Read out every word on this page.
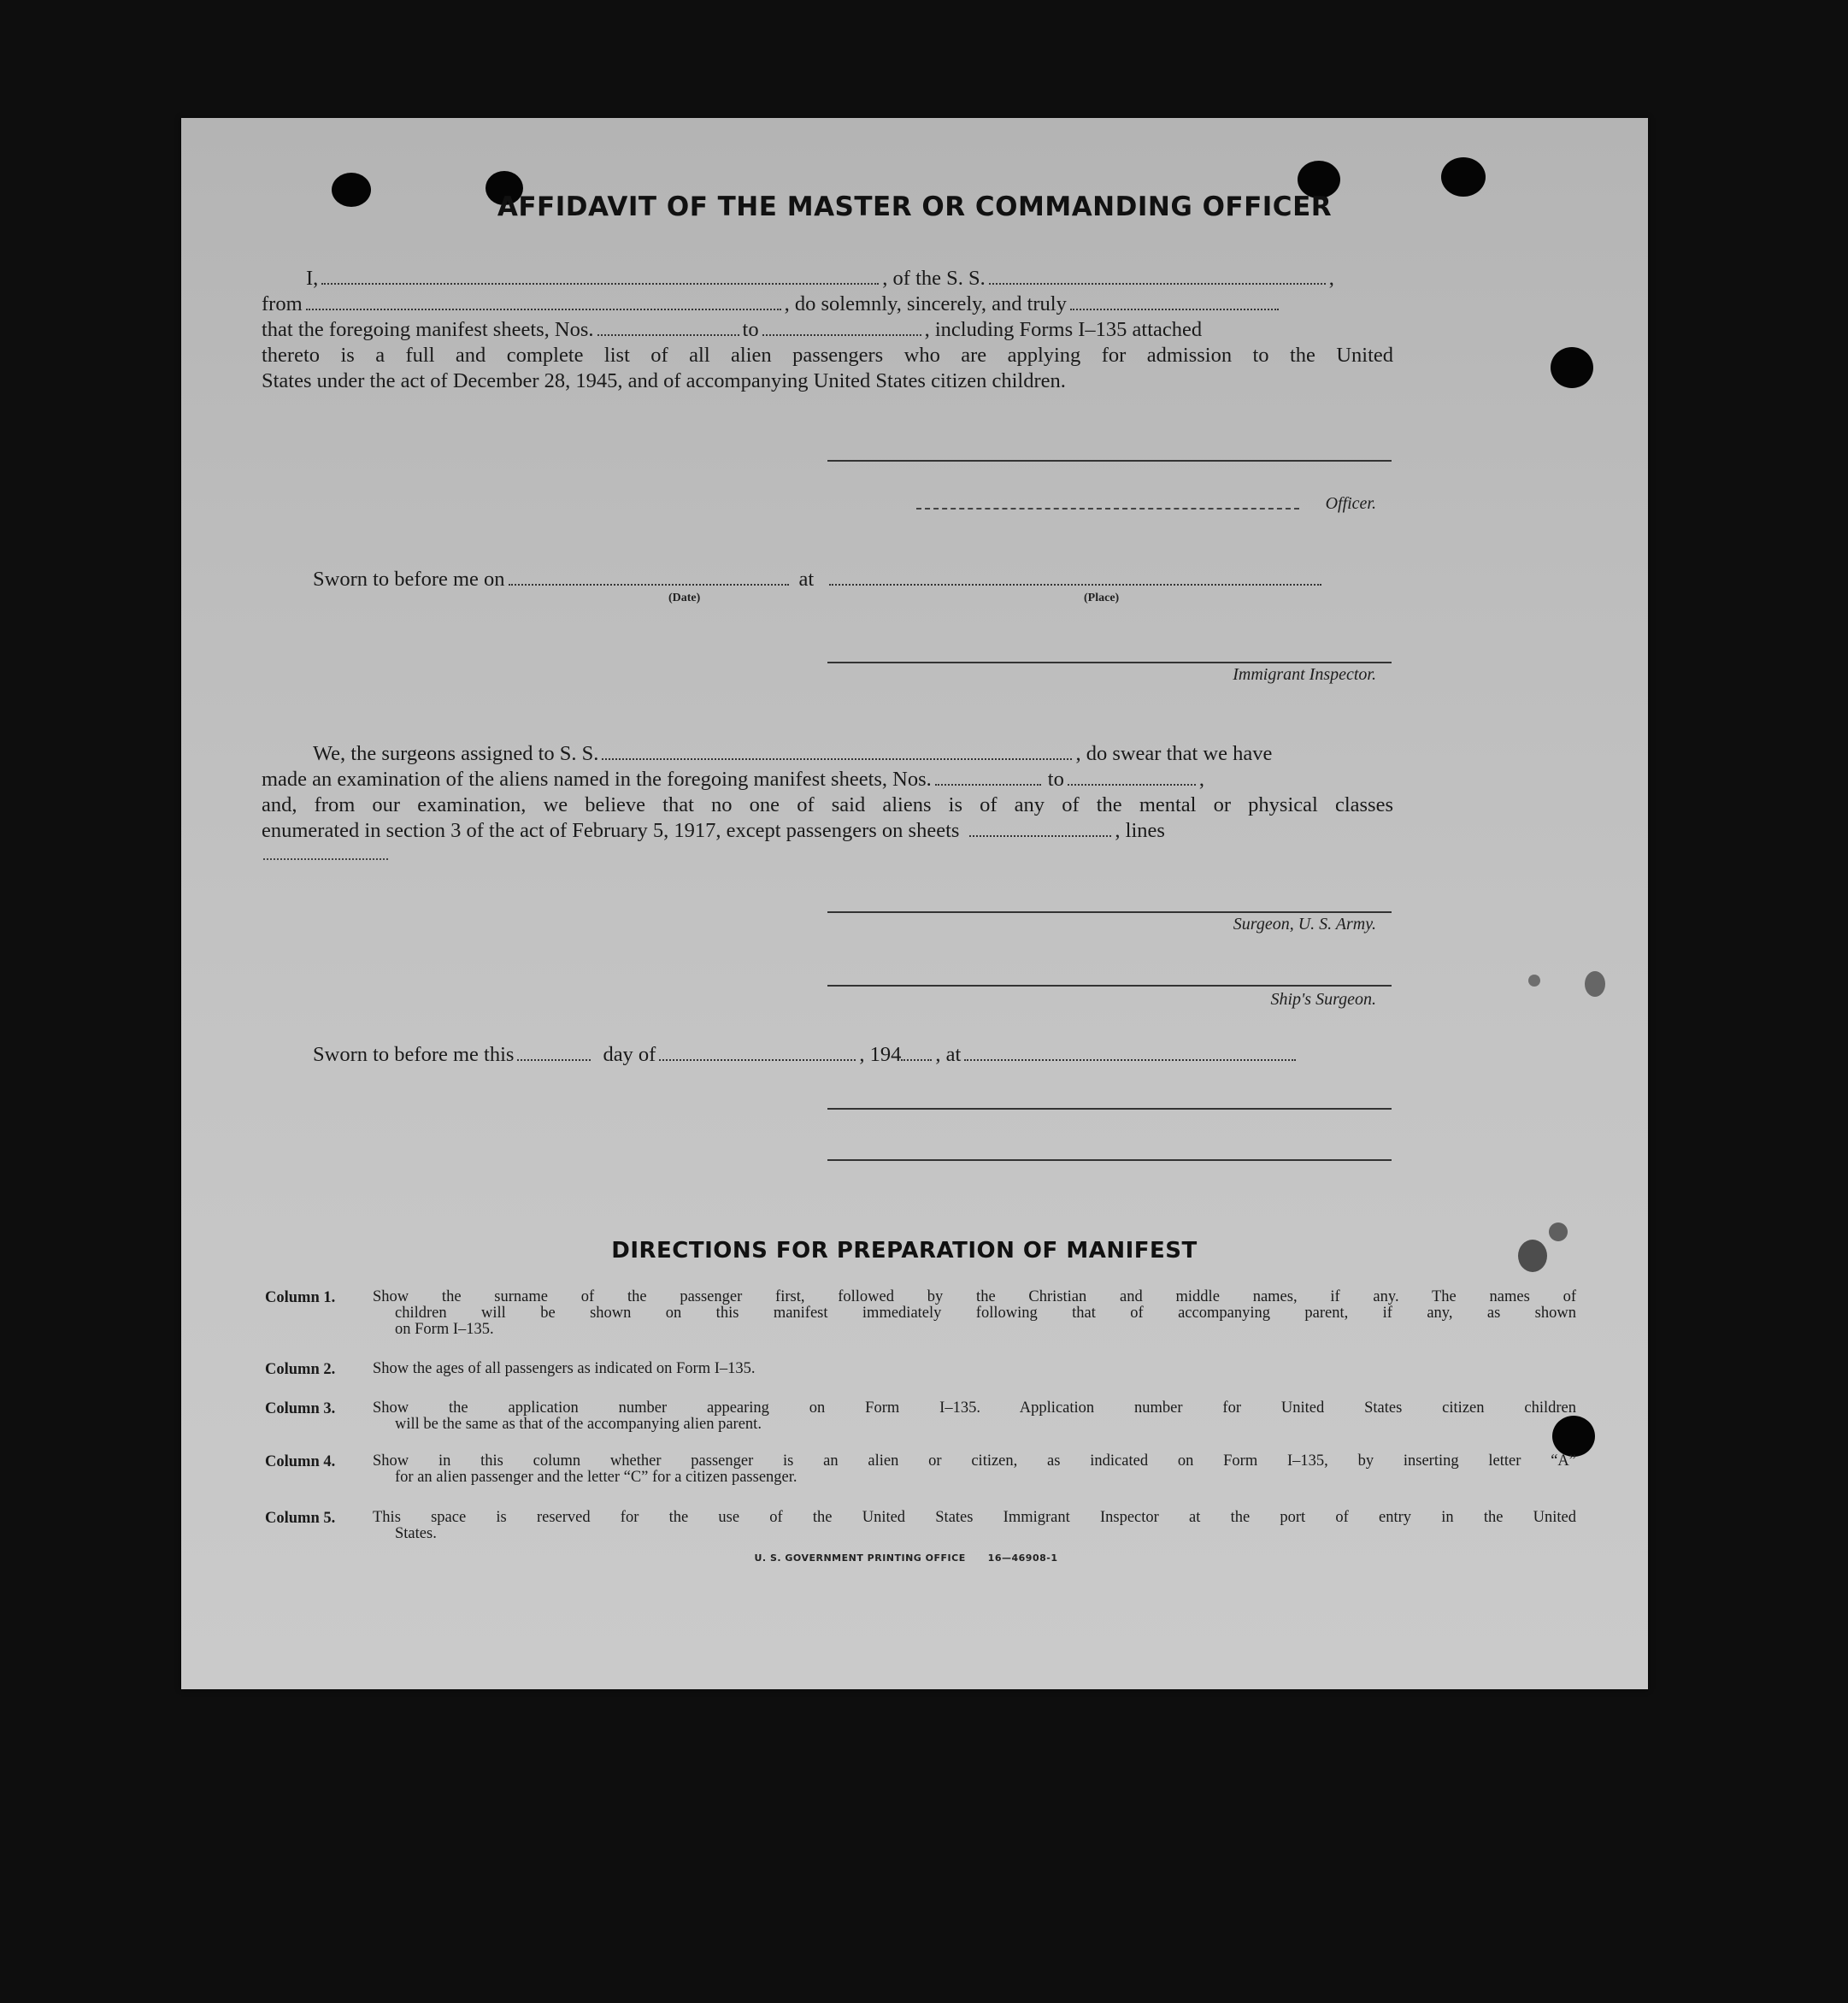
AFFIDAVIT OF THE MASTER OR COMMANDING OFFICER
I,	, of the S. S.	,
from	, do solemnly, sincerely, and truly
that the foregoing manifest sheets, Nos.	to	, including Forms I–135 attached
thereto is a full and complete list of all alien passengers who are applying for admission to the United
States under the act of December 28, 1945, and of accompanying United States citizen children.
Officer.
Sworn to before me on	at
(Date)	(Place)
Immigrant Inspector.
We, the surgeons assigned to S. S.	, do swear that we have
made an examination of the aliens named in the foregoing manifest sheets, Nos.	to	,
and, from our examination, we believe that no one of said aliens is of any of the mental or physical classes
enumerated in section 3 of the act of February 5, 1917, except passengers on sheets	, lines
Surgeon, U. S. Army.
Ship's Surgeon.
Sworn to before me this	day of	, 194 , at
DIRECTIONS FOR PREPARATION OF MANIFEST
Column 1. Show the surname of the passenger first, followed by the Christian and middle names, if any. The names of
children will be shown on this manifest immediately following that of accompanying parent, if any, as shown
on Form I–135.
Column 2. Show the ages of all passengers as indicated on Form I–135.
Column 3. Show the application number appearing on Form I–135. Application number for United States citizen children
will be the same as that of the accompanying alien parent.
Column 4. Show in this column whether passenger is an alien or citizen, as indicated on Form I–135, by inserting letter “A”
for an alien passenger and the letter “C” for a citizen passenger.
Column 5. This space is reserved for the use of the United States Immigrant Inspector at the port of entry in the United
States.
U. S. GOVERNMENT PRINTING OFFICE      16—46908-1
